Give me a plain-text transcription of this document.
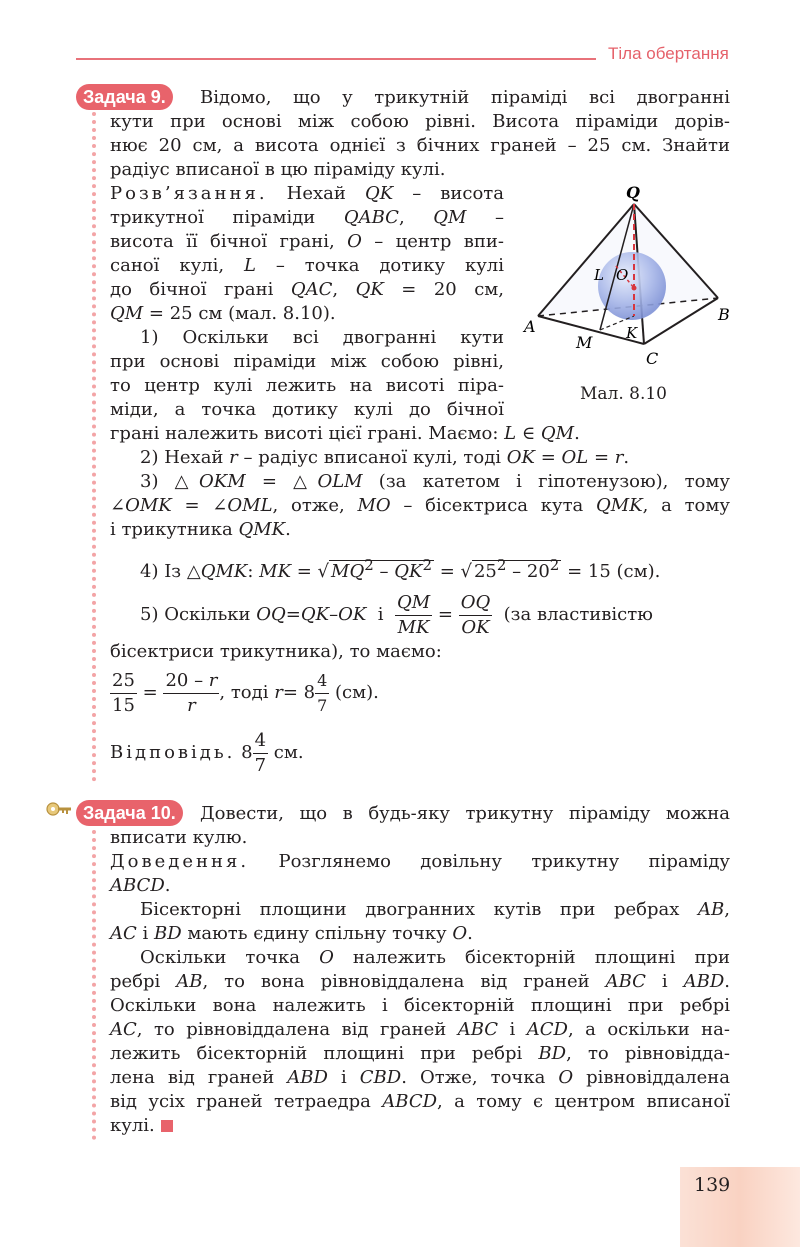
Тіла обертання
Задача 9.	Відомо, що у трикутній піраміді всі двогранні
кути при основі між собою рівні. Висота піраміди дорів-
нює 20 см, а висота однієї з бічних граней – 25 см. Знайти
радіус вписаної в цю піраміду кулі.
Розв’язання. Нехай QK – висота
трикутної піраміди QABC, QM –
висота її бічної грані, O – центр впи-
саної кулі, L – точка дотику кулі
до бічної грані QAC, QK = 20 см,
QM = 25 см (мал. 8.10).
1) Оскільки всі двогранні кути
при основі піраміди між собою рівні,
то центр кулі лежить на висоті пірa-
міди, а точка дотику кулі до бічної
грані належить висоті цієї грані. Маємо: L ∈ QM.
2) Нехай r – радіус вписаної кулі, тоді OK = OL = r.
3) △OKM = △OLM (за катетом і гіпотенузою), тому
∠OMK = ∠OML, отже, MO – бісектриса кута QMK, а тому
і трикутника QMK.
4) Із △QMK: MK = √ $MQ^2 - QK^2$ = √ $25^2 - 20^2 = 15$ (см).
5) Оскільки OQ = QK – OK і $\frac{QM}{MK} = \frac{OQ}{OK} (за$ властивістю
бісектриси трикутника), то маємо:
$\frac{25}{15} = \frac{20 - r}{r}$ , тоді $r = 8 \frac{4}{7} (см)$.
Відповідь. $8 \frac{4}{7}$
см.
Q
A
B
C
M K
L O
Мал. 8.10
Задача 10.	Довести, що в будь-яку трикутну піраміду можна
вписати кулю.
Доведення. Розглянемо довільну трикутну піраміду
ABCD.
Бісекторні площини двогранних кутів при ребрах AB,
AC і BD мають єдину спільну точку O.
Оскільки точка O належить бісекторній площині при
ребрі AB, то вона рівновіддалена від граней ABC і ABD.
Оскільки вона належить і бісекторній площині при ребрі
AC, то рівновіддалена від граней ABC і ACD, а оскільки на-
лежить бісекторній площині при ребрі BD, то рівновідда-
лена від граней ABD і CBD. Отже, точка O рівновіддалена
від усіх граней тетраедра ABCD, а тому є центром вписаної
кулі.
139
